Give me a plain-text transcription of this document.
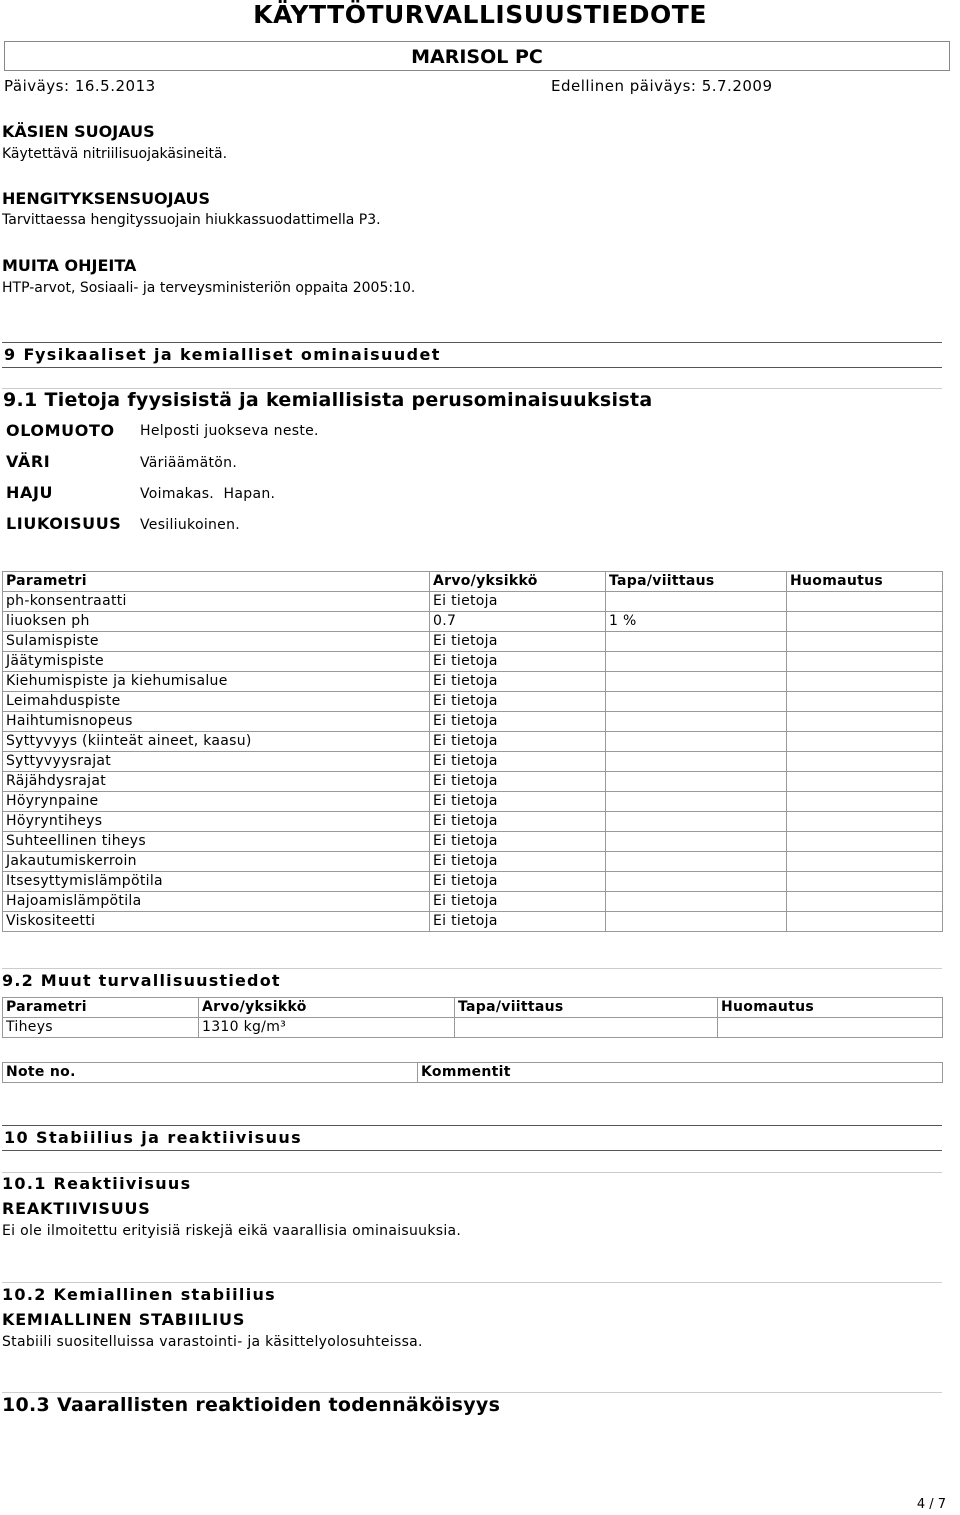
KÄYTTÖTURVALLISUUSTIEDOTE
MARISOL PC
Päiväys: 16.5.2013	Edellinen päiväys: 5.7.2009
KÄSIEN SUOJAUS
Käytettävä nitriilisuojakäsineitä.
HENGITYKSENSUOJAUS
Tarvittaessa hengityssuojain hiukkassuodattimella P3.
MUITA OHJEITA
HTP-arvot, Sosiaali- ja terveysministeriön oppaita 2005:10.
9 Fysikaaliset ja kemialliset ominaisuudet
9.1 Tietoja fyysisistä ja kemiallisista perusominaisuuksista
OLOMUOTO Helposti juokseva neste.
VÄRI	Väriäämätön.
HAJU	Voimakas.  Hapan.
LIUKOISUUS Vesiliukoinen.
Parametri	Arvo/yksikkö	Tapa/viittaus	Huomautus
ph-konsentraatti	Ei tietoja		
liuoksen ph	0.7	1 %	
Sulamispiste	Ei tietoja		
Jäätymispiste	Ei tietoja		
Kiehumispiste ja kiehumisalue	Ei tietoja		
Leimahduspiste	Ei tietoja		
Haihtumisnopeus	Ei tietoja		
Syttyvyys (kiinteät aineet, kaasu)	Ei tietoja		
Syttyvyysrajat	Ei tietoja		
Räjähdysrajat	Ei tietoja		
Höyrynpaine	Ei tietoja		
Höyryntiheys	Ei tietoja		
Suhteellinen tiheys	Ei tietoja		
Jakautumiskerroin	Ei tietoja		
Itsesyttymislämpötila	Ei tietoja		
Hajoamislämpötila	Ei tietoja		
Viskositeetti	Ei tietoja		
9.2 Muut turvallisuustiedot
Parametri	Arvo/yksikkö	Tapa/viittaus	Huomautus
Tiheys	1310 kg/m³		
Note no.	Kommentit
10 Stabiilius ja reaktiivisuus
10.1 Reaktiivisuus
REAKTIIVISUUS
Ei ole ilmoitettu erityisiä riskejä eikä vaarallisia ominaisuuksia.
10.2 Kemiallinen stabiilius
KEMIALLINEN STABIILIUS
Stabiili suositelluissa varastointi- ja käsittelyolosuhteissa.
10.3 Vaarallisten reaktioiden todennäköisyys
4 / 7
